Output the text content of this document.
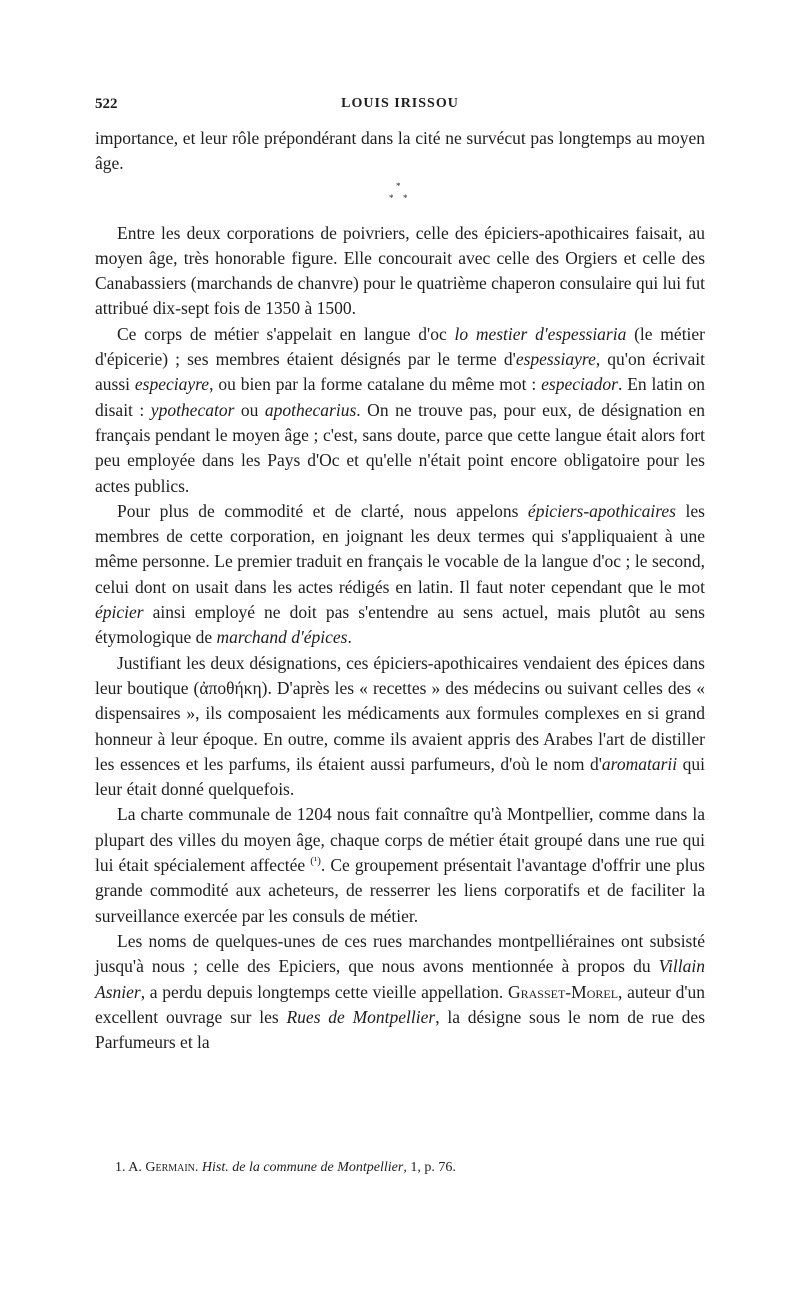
522	LOUIS IRISSOU

importance, et leur rôle prépondérant dans la cité ne survécut pas longtemps au moyen âge.

*
* *

Entre les deux corporations de poivriers, celle des épiciers-apothicaires faisait, au moyen âge, très honorable figure. Elle concourait avec celle des Orgiers et celle des Canabassiers (marchands de chanvre) pour le quatrième chaperon consulaire qui lui fut attribué dix-sept fois de 1350 à 1500.

Ce corps de métier s'appelait en langue d'oc lo mestier d'espessiaria (le métier d'épicerie) ; ses membres étaient désignés par le terme d'espessiayre, qu'on écrivait aussi especiayre, ou bien par la forme catalane du même mot : especiador. En latin on disait : ypothecator ou apothecarius. On ne trouve pas, pour eux, de désignation en français pendant le moyen âge ; c'est, sans doute, parce que cette langue était alors fort peu employée dans les Pays d'Oc et qu'elle n'était point encore obligatoire pour les actes publics.

Pour plus de commodité et de clarté, nous appelons épiciers-apothicaires les membres de cette corporation, en joignant les deux termes qui s'appliquaient à une même personne. Le premier traduit en français le vocable de la langue d'oc ; le second, celui dont on usait dans les actes rédigés en latin. Il faut noter cependant que le mot épicier ainsi employé ne doit pas s'entendre au sens actuel, mais plutôt au sens étymologique de marchand d'épices.

Justifiant les deux désignations, ces épiciers-apothicaires vendaient des épices dans leur boutique (ἀποθήκη). D'après les « recettes » des médecins ou suivant celles des « dispensaires », ils composaient les médicaments aux formules complexes en si grand honneur à leur époque. En outre, comme ils avaient appris des Arabes l'art de distiller les essences et les parfums, ils étaient aussi parfumeurs, d'où le nom d'aromatarii qui leur était donné quelquefois.

La charte communale de 1204 nous fait connaître qu'à Montpellier, comme dans la plupart des villes du moyen âge, chaque corps de métier était groupé dans une rue qui lui était spécialement affectée $^{(^1)}$. Ce groupement présentait l'avantage d'offrir une plus grande commodité aux acheteurs, de resserrer les liens corporatifs et de faciliter la surveillance exercée par les consuls de métier.

Les noms de quelques-unes de ces rues marchandes montpelliéraines ont subsisté jusqu'à nous ; celle des Epiciers, que nous avons mentionnée à propos du Villain Asnier, a perdu depuis longtemps cette vieille appellation. Grasset-Morel, auteur d'un excellent ouvrage sur les Rues de Montpellier, la désigne sous le nom de rue des Parfumeurs et la

1. A. Germain. Hist. de la commune de Montpellier, 1, p. 76.
